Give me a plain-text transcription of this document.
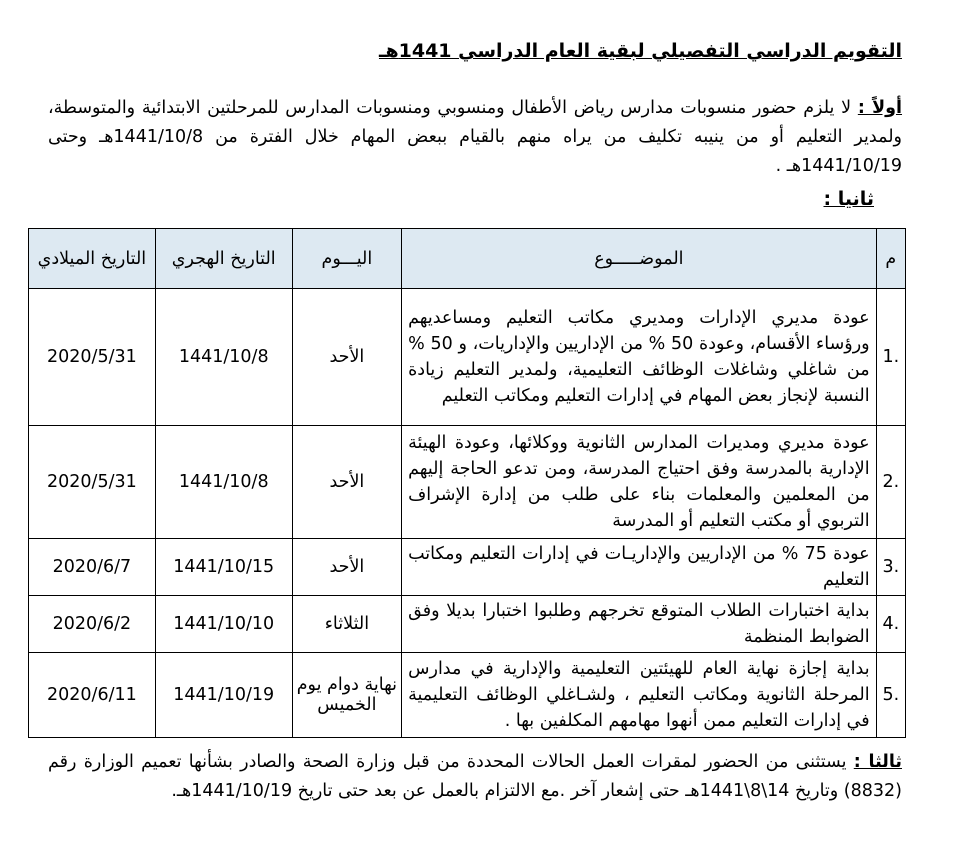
التقويم الدراسي التفصيلي لبقية العام الدراسي 1441هـ
أولاً : لا يلزم حضور منسوبات مدارس رياض الأطفال ومنسوبي ومنسوبات المدارس للمرحلتين الابتدائية والمتوسطة، ولمدير التعليم أو من ينيبه تكليف من يراه منهم بالقيام ببعض المهام خلال الفترة من 1441/10/8هـ وحتى 1441/10/19هـ .
ثانيا :
م	الموضـــــوع	اليـــوم	التاريخ الهجري	التاريخ الميلادي
.1	عودة مديري الإدارات ومديري مكاتب التعليم ومساعديهم ورؤساء الأقسام، وعودة 50 % من الإداريين والإداريات، و 50 % من شاغلي وشاغلات الوظائف التعليمية، ولمدير التعليم زيادة النسبة لإنجاز بعض المهام في إدارات التعليم ومكاتب التعليم	الأحد	1441/10/8	2020/5/31
.2	عودة مديري ومديرات المدارس الثانوية ووكلائها، وعودة الهيئة الإدارية بالمدرسة وفق احتياج المدرسة، ومن تدعو الحاجة إليهم من المعلمين والمعلمات بناء على طلب من إدارة الإشراف التربوي أو مكتب التعليم أو المدرسة	الأحد	1441/10/8	2020/5/31
.3	عودة 75 % من الإداريين والإداريـات في إدارات التعليم ومكاتب التعليم	الأحد	1441/10/15	2020/6/7
.4	بداية اختبارات الطلاب المتوقع تخرجهم وطلبوا اختبارا بديلا وفق الضوابط المنظمة	الثلاثاء	1441/10/10	2020/6/2
.5	بداية إجازة نهاية العام للهيئتين التعليمية والإدارية في مدارس المرحلة الثانوية ومكاتب التعليم ، ولشـاغلي الوظائف التعليمية في إدارات التعليم ممن أنهوا مهامهم المكلفين بها .	نهاية دوام يوم الخميس	1441/10/19	2020/6/11
ثالثا : يستثنى من الحضور لمقرات العمل الحالات المحددة من قبل وزارة الصحة والصادر بشأنها تعميم الوزارة رقم (8832) وتاريخ 14\8\1441هـ حتى إشعار آخر .مع الالتزام بالعمل عن بعد حتى تاريخ 1441/10/19هـ.
